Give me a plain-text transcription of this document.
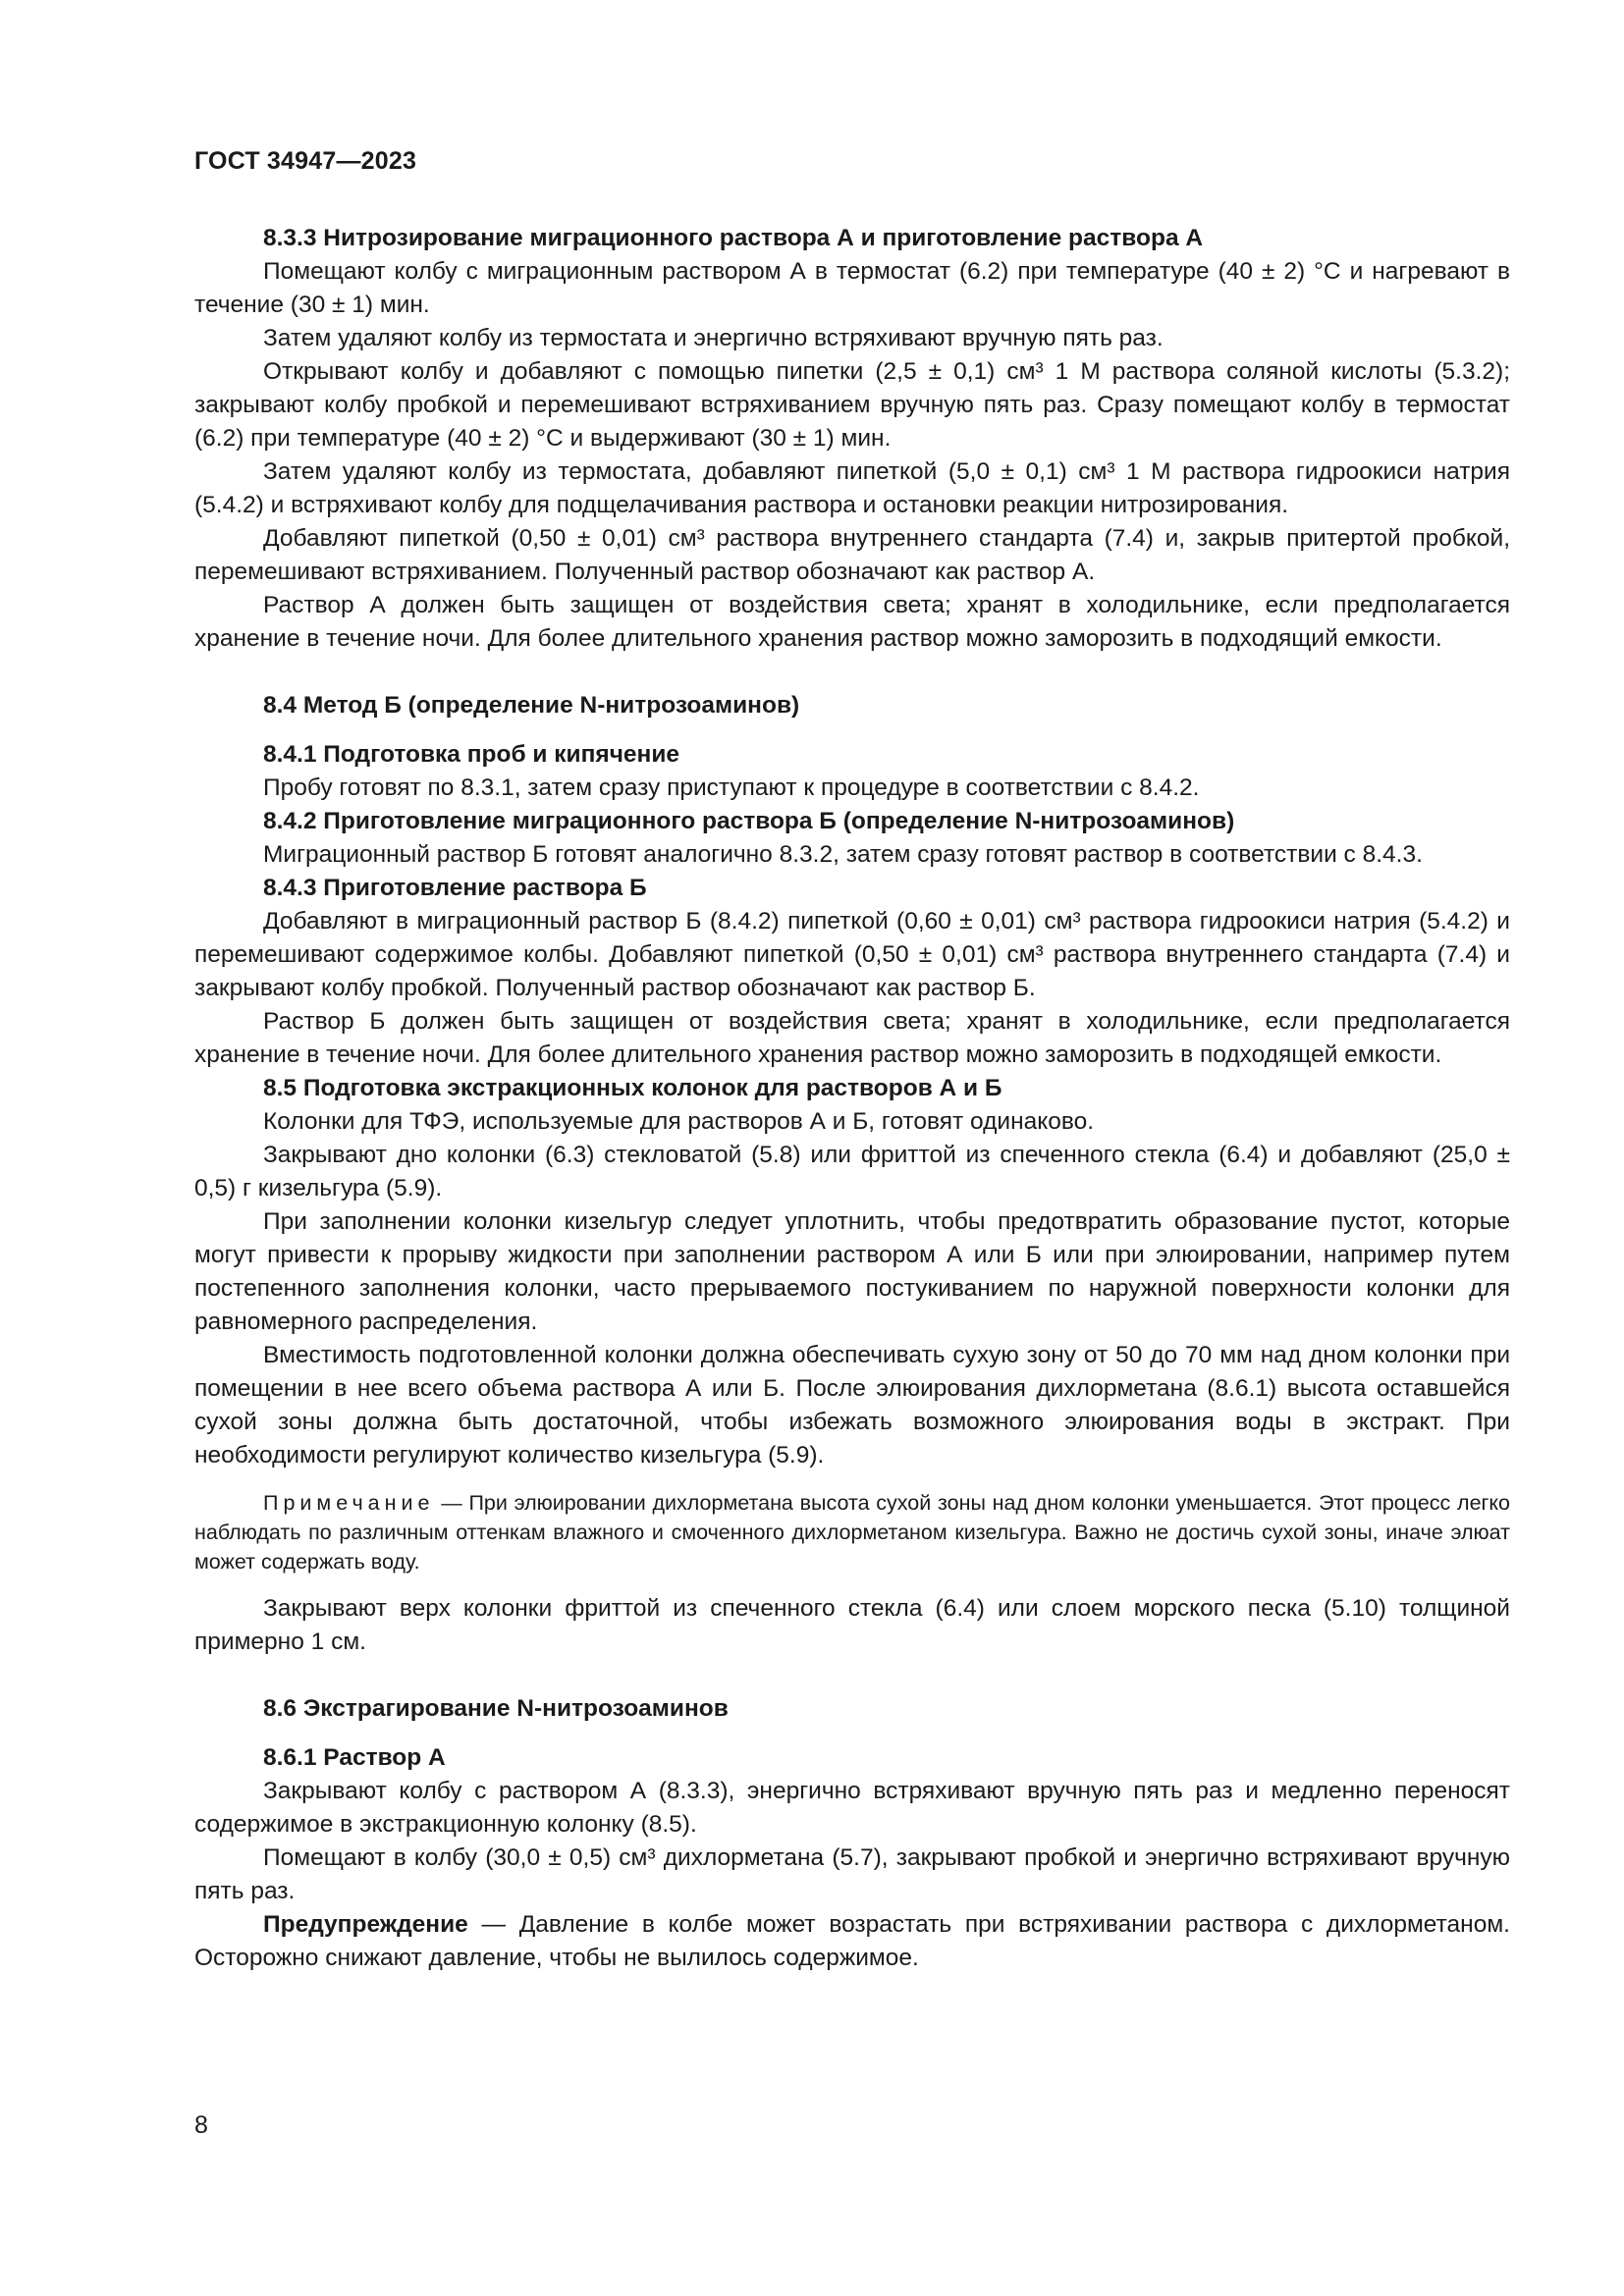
ГОСТ 34947—2023

8.3.3 Нитрозирование миграционного раствора А и приготовление раствора А

Помещают колбу с миграционным раствором А в термостат (6.2) при температуре (40 ± 2) °С и нагревают в течение (30 ± 1) мин.

Затем удаляют колбу из термостата и энергично встряхивают вручную пять раз.

Открывают колбу и добавляют с помощью пипетки (2,5 ± 0,1) см³ 1 М раствора соляной кислоты (5.3.2); закрывают колбу пробкой и перемешивают встряхиванием вручную пять раз. Сразу помещают колбу в термостат (6.2) при температуре (40 ± 2) °С и выдерживают (30 ± 1) мин.

Затем удаляют колбу из термостата, добавляют пипеткой (5,0 ± 0,1) см³ 1 М раствора гидроокиси натрия (5.4.2) и встряхивают колбу для подщелачивания раствора и остановки реакции нитрозирования.

Добавляют пипеткой (0,50 ± 0,01) см³ раствора внутреннего стандарта (7.4) и, закрыв притертой пробкой, перемешивают встряхиванием. Полученный раствор обозначают как раствор А.

Раствор А должен быть защищен от воздействия света; хранят в холодильнике, если предполагается хранение в течение ночи. Для более длительного хранения раствор можно заморозить в подходящий емкости.

8.4 Метод Б (определение N-нитрозоаминов)

8.4.1 Подготовка проб и кипячение

Пробу готовят по 8.3.1, затем сразу приступают к процедуре в соответствии с 8.4.2.

8.4.2 Приготовление миграционного раствора Б (определение N-нитрозоаминов)

Миграционный раствор Б готовят аналогично 8.3.2, затем сразу готовят раствор в соответствии с 8.4.3.

8.4.3 Приготовление раствора Б

Добавляют в миграционный раствор Б (8.4.2) пипеткой (0,60 ± 0,01) см³ раствора гидроокиси натрия (5.4.2) и перемешивают содержимое колбы. Добавляют пипеткой (0,50 ± 0,01) см³ раствора внутреннего стандарта (7.4) и закрывают колбу пробкой. Полученный раствор обозначают как раствор Б.

Раствор Б должен быть защищен от воздействия света; хранят в холодильнике, если предполагается хранение в течение ночи. Для более длительного хранения раствор можно заморозить в подходящей емкости.

8.5 Подготовка экстракционных колонок для растворов А и Б

Колонки для ТФЭ, используемые для растворов А и Б, готовят одинаково.

Закрывают дно колонки (6.3) стекловатой (5.8) или фриттой из спеченного стекла (6.4) и добавляют (25,0 ± 0,5) г кизельгура (5.9).

При заполнении колонки кизельгур следует уплотнить, чтобы предотвратить образование пустот, которые могут привести к прорыву жидкости при заполнении раствором А или Б или при элюировании, например путем постепенного заполнения колонки, часто прерываемого постукиванием по наружной поверхности колонки для равномерного распределения.

Вместимость подготовленной колонки должна обеспечивать сухую зону от 50 до 70 мм над дном колонки при помещении в нее всего объема раствора А или Б. После элюирования дихлорметана (8.6.1) высота оставшейся сухой зоны должна быть достаточной, чтобы избежать возможного элюирования воды в экстракт. При необходимости регулируют количество кизельгура (5.9).

Примечание — При элюировании дихлорметана высота сухой зоны над дном колонки уменьшается. Этот процесс легко наблюдать по различным оттенкам влажного и смоченного дихлорметаном кизельгура. Важно не достичь сухой зоны, иначе элюат может содержать воду.

Закрывают верх колонки фриттой из спеченного стекла (6.4) или слоем морского песка (5.10) толщиной примерно 1 см.

8.6 Экстрагирование N-нитрозоаминов

8.6.1 Раствор А

Закрывают колбу с раствором А (8.3.3), энергично встряхивают вручную пять раз и медленно переносят содержимое в экстракционную колонку (8.5).

Помещают в колбу (30,0 ± 0,5) см³ дихлорметана (5.7), закрывают пробкой и энергично встряхивают вручную пять раз.

Предупреждение — Давление в колбе может возрастать при встряхивании раствора с дихлорметаном. Осторожно снижают давление, чтобы не вылилось содержимое.

8
